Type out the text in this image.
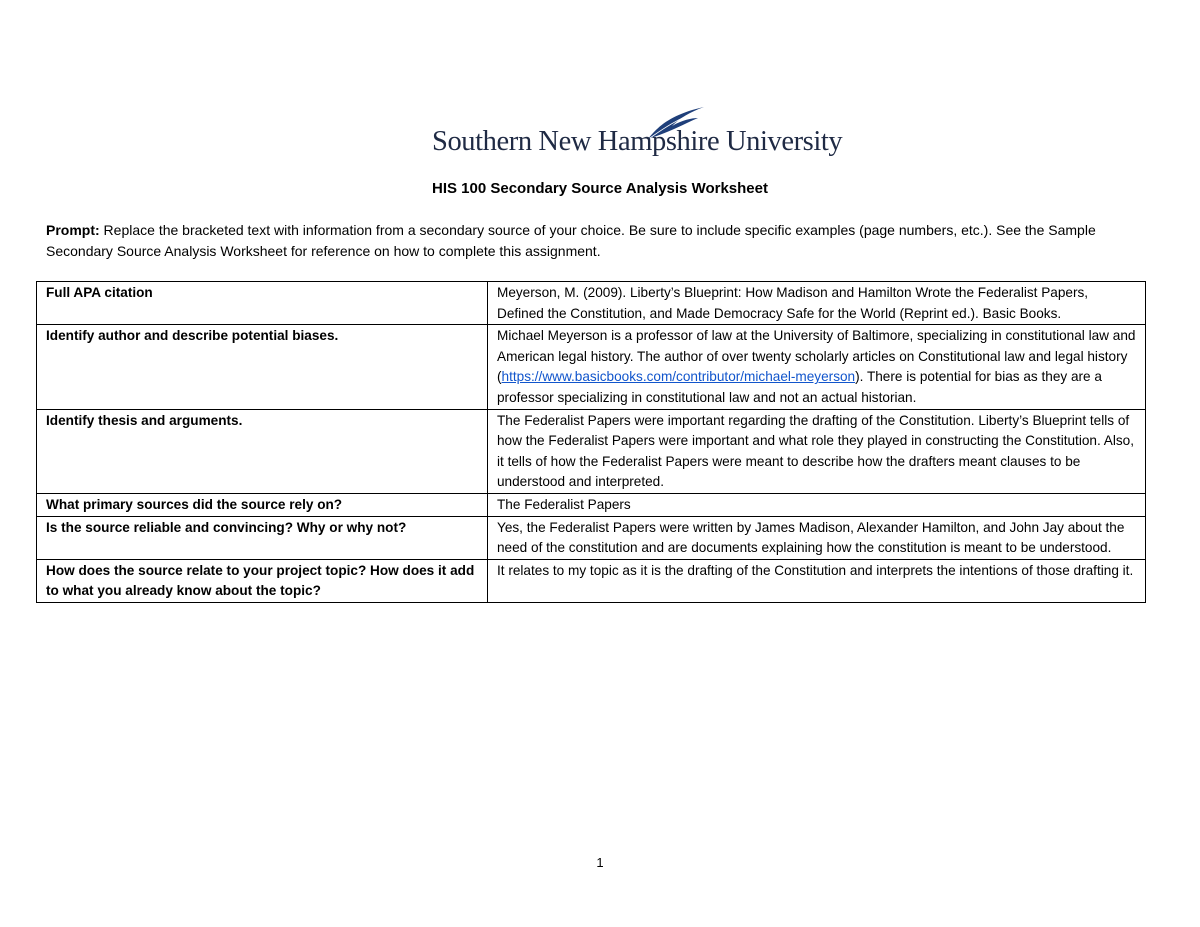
Southern New Hampshire University
HIS 100 Secondary Source Analysis Worksheet
Prompt: Replace the bracketed text with information from a secondary source of your choice. Be sure to include specific examples (page numbers, etc.). See the Sample Secondary Source Analysis Worksheet for reference on how to complete this assignment.
Full APA citation	Meyerson, M. (2009). Liberty’s Blueprint: How Madison and Hamilton Wrote the Federalist Papers, Defined the Constitution, and Made Democracy Safe for the World (Reprint ed.). Basic Books.
Identify author and describe potential biases.	Michael Meyerson is a professor of law at the University of Baltimore, specializing in constitutional law and American legal history. The author of over twenty scholarly articles on Constitutional law and legal history (https://www.basicbooks.com/contributor/michael-meyerson). There is potential for bias as they are a professor specializing in constitutional law and not an actual historian.
Identify thesis and arguments.	The Federalist Papers were important regarding the drafting of the Constitution. Liberty’s Blueprint tells of how the Federalist Papers were important and what role they played in constructing the Constitution. Also, it tells of how the Federalist Papers were meant to describe how the drafters meant clauses to be understood and interpreted.
What primary sources did the source rely on?	The Federalist Papers
Is the source reliable and convincing? Why or why not?	Yes, the Federalist Papers were written by James Madison, Alexander Hamilton, and John Jay about the need of the constitution and are documents explaining how the constitution is meant to be understood.
How does the source relate to your project topic? How does it add to what you already know about the topic?	It relates to my topic as it is the drafting of the Constitution and interprets the intentions of those drafting it.
1
